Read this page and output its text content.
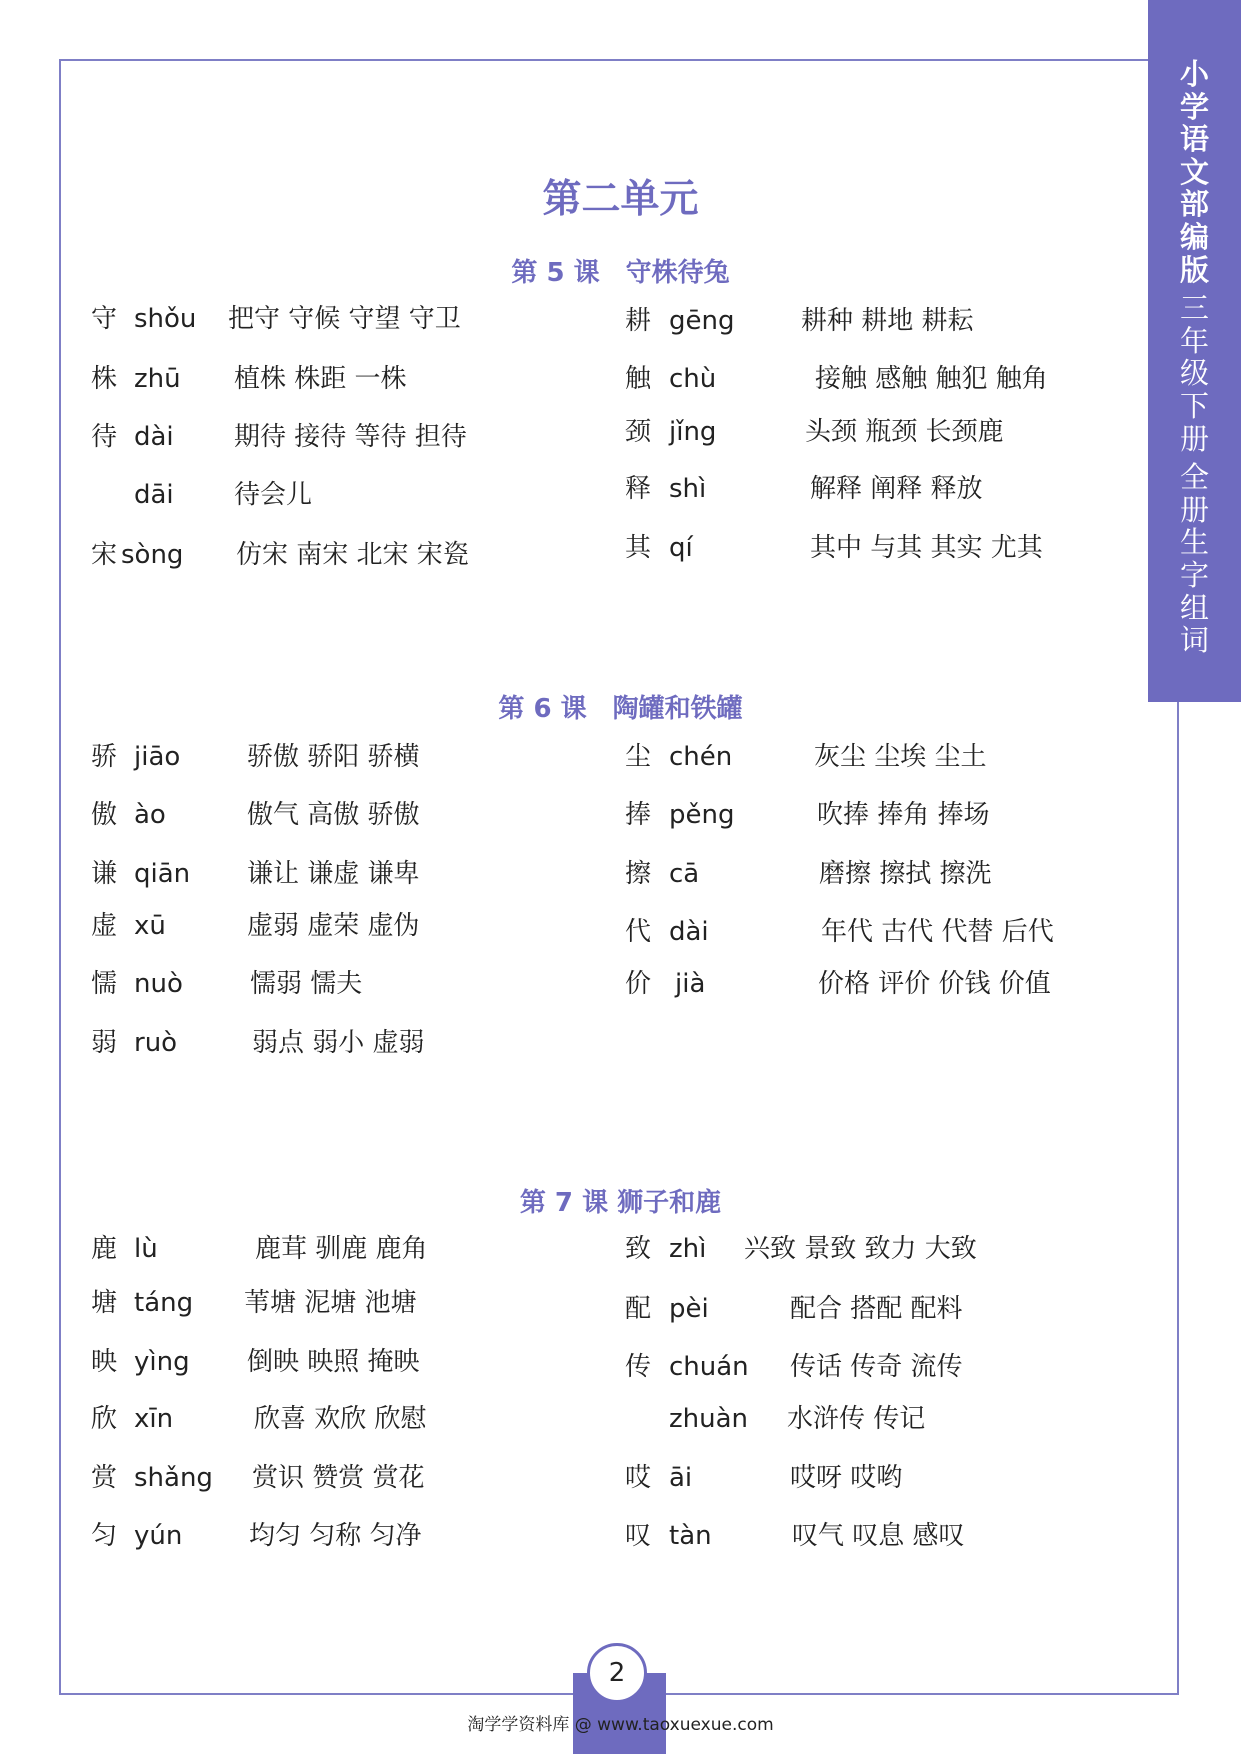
小
学
语
文
部
编
版
三
年
级
下
册
全
册
生
字
组
词
第二单元
第 5 课　守株待兔
守 shǒu 把守 守候 守望 守卫
株 zhū 植株 株距 一株
待 dài 期待 接待 等待 担待
dāi 待会儿
宋 sòng 仿宋 南宋 北宋 宋瓷
耕 gēng	耕种 耕地 耕耘
触 chù	接触 感触 触犯 触角
颈 jǐng	头颈 瓶颈 长颈鹿
释 shì	解释 阐释 释放
其 qí	其中 与其 其实 尤其
第 6 课　陶罐和铁罐
骄 jiāo	骄傲 骄阳 骄横
傲 ào	傲气 高傲 骄傲
谦 qiān 谦让 谦虚 谦卑
虚 xū	虚弱 虚荣 虚伪
懦 nuò	懦弱 懦夫
弱 ruò	弱点 弱小 虚弱
尘 chén	灰尘 尘埃 尘土
捧 pěng	吹捧 捧角 捧场
擦 cā	磨擦 擦拭 擦洗
代 dài	年代 古代 代替 后代
价 jià	价格 评价 价钱 价值
第 7 课 狮子和鹿
鹿 lù	鹿茸 驯鹿 鹿角
塘 táng 苇塘 泥塘 池塘
映 yìng 倒映 映照 掩映
欣 xīn	欣喜 欢欣 欣慰
赏 shǎng 赏识 赞赏 赏花
匀 yún	均匀 匀称 匀净
致 zhì 兴致 景致 致力 大致
配 pèi	配合 搭配 配料
传 chuán 传话 传奇 流传
zhuàn 水浒传 传记
哎 āi	哎呀 哎哟
叹 tàn	叹气 叹息 感叹
2
淘学学资料库 @ www.taoxuexue.com
